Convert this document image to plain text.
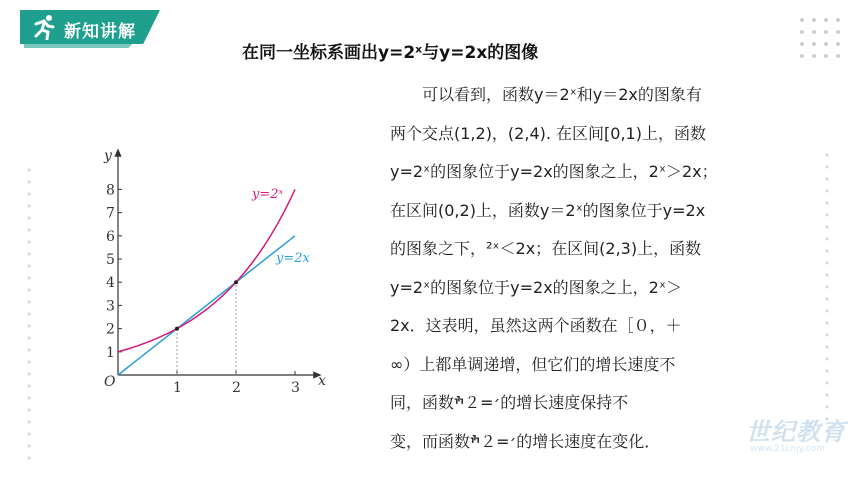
新知讲解
在同一坐标系画出y=2ˣ与y=2x的图像
1
2
3
4
5
6
7
8
1	2	3
y
x
O
y=2ˣ
y=2x
　　可以看到，函数y＝2ˣ和y＝2x的图象有
两个交点(1,2)，(2,4). 在区间[0,1)上，函数
y=2ˣ的图象位于y=2x的图象之上，2ˣ＞2x；
在区间(0,2)上，函数y＝2ˣ的图象位于y=2x
的图象之下，²ˣ＜2x；在区间(2,3)上，函数
y=2ˣ的图象位于y=2x的图象之上，2ˣ＞
2x．这表明，虽然这两个函数在［０，＋
∞）上都单调递增，但它们的增长速度不
同，函数׳=２ׯ的增长速度保持不
变，而函数׳=２ׯ的增长速度在变化．	世纪教育
www.21cnjy.com
